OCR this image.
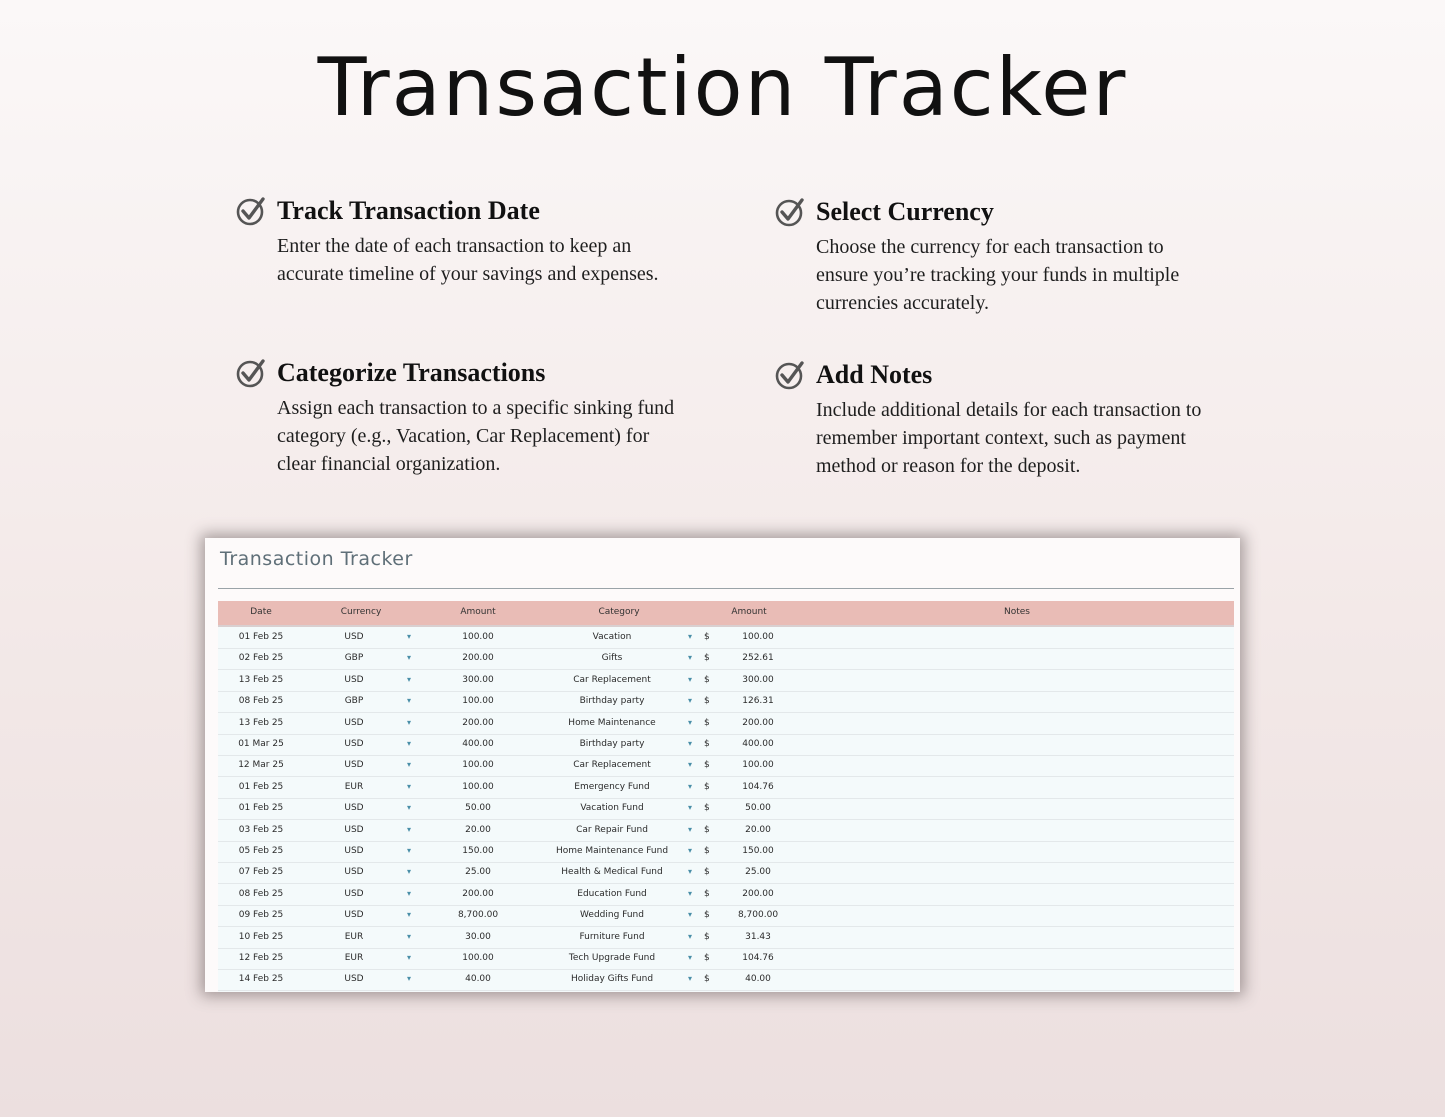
Transaction Tracker
Track Transaction Date

Enter the date of each transaction to keep an accurate timeline of your savings and expenses.

Select Currency

Choose the currency for each transaction to ensure you’re tracking your funds in multiple currencies accurately.

Categorize Transactions

Assign each transaction to a specific sinking fund category (e.g., Vacation, Car Replacement) for clear financial organization.

Add Notes

Include additional details for each transaction to remember important context, such as payment method or reason for the deposit.

Transaction Tracker
Date	Currency	Amount	Category	Amount	Notes
01 Feb 25	USD	▾	100.00	Vacation	▾ $	100.00
02 Feb 25	GBP	▾	200.00	Gifts	▾ $	252.61
13 Feb 25	USD	▾	300.00	Car Replacement	▾ $	300.00
08 Feb 25	GBP	▾	100.00	Birthday party	▾ $	126.31
13 Feb 25	USD	▾	200.00	Home Maintenance	▾ $	200.00
01 Mar 25	USD	▾	400.00	Birthday party	▾ $	400.00
12 Mar 25	USD	▾	100.00	Car Replacement	▾ $	100.00
01 Feb 25	EUR	▾	100.00	Emergency Fund	▾ $	104.76
01 Feb 25	USD	▾	50.00	Vacation Fund	▾ $	50.00
03 Feb 25	USD	▾	20.00	Car Repair Fund	▾ $	20.00
05 Feb 25	USD	▾	150.00	Home Maintenance Fund ▾ $	150.00
07 Feb 25	USD	▾	25.00	Health & Medical Fund	▾ $	25.00
08 Feb 25	USD	▾	200.00	Education Fund	▾ $	200.00
09 Feb 25	USD	▾	8,700.00	Wedding Fund	▾ $	8,700.00
10 Feb 25	EUR	▾	30.00	Furniture Fund	▾ $	31.43
12 Feb 25	EUR	▾	100.00	Tech Upgrade Fund	▾ $	104.76
14 Feb 25	USD	▾	40.00	Holiday Gifts Fund	▾ $	40.00
